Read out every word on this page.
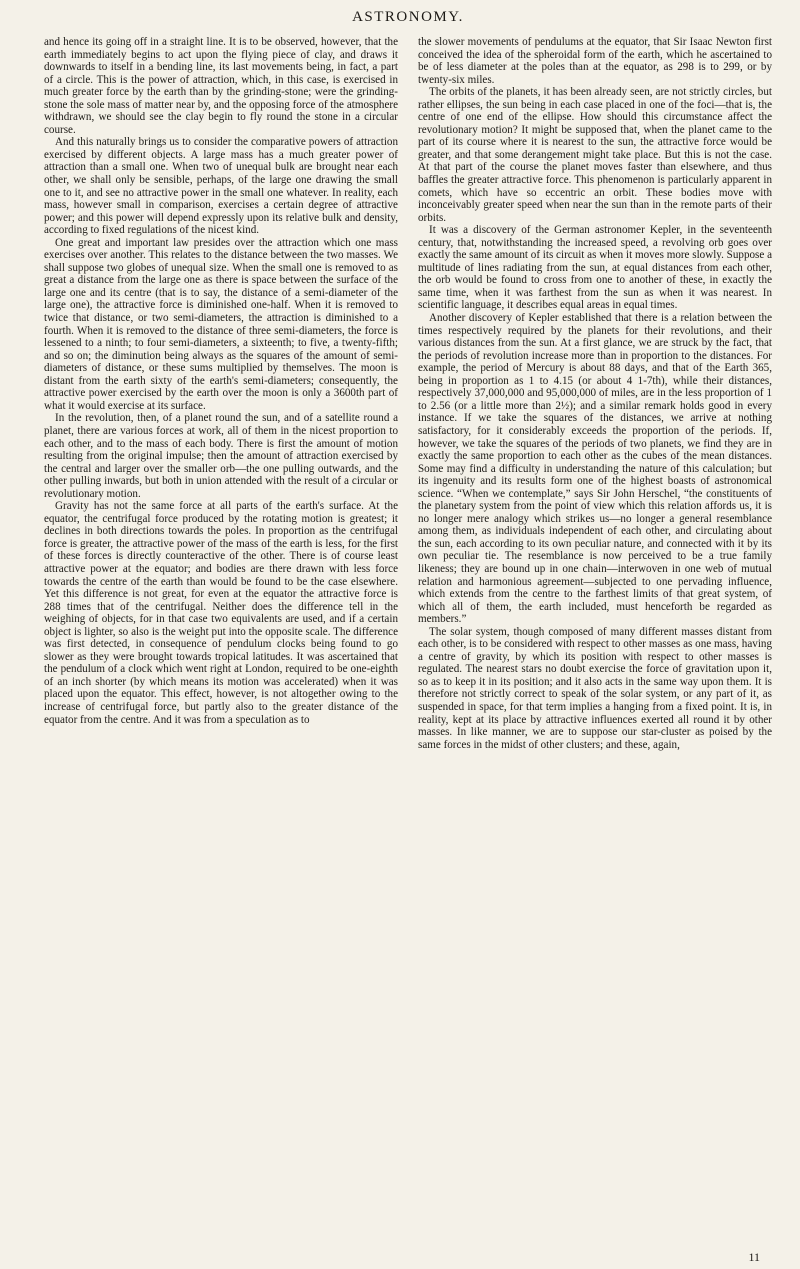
ASTRONOMY.

and hence its going off in a straight line. It is to be observed, however, that the earth immediately begins to act upon the flying piece of clay, and draws it downwards to itself in a bending line, its last movements being, in fact, a part of a circle. This is the power of attraction, which, in this case, is exercised in much greater force by the earth than by the grinding-stone; were the grinding-stone the sole mass of matter near by, and the opposing force of the atmosphere withdrawn, we should see the clay begin to fly round the stone in a circular course.

And this naturally brings us to consider the comparative powers of attraction exercised by different objects. A large mass has a much greater power of attraction than a small one. When two of unequal bulk are brought near each other, we shall only be sensible, perhaps, of the large one drawing the small one to it, and see no attractive power in the small one whatever. In reality, each mass, however small in comparison, exercises a certain degree of attractive power; and this power will depend expressly upon its relative bulk and density, according to fixed regulations of the nicest kind.

One great and important law presides over the attraction which one mass exercises over another. This relates to the distance between the two masses. We shall suppose two globes of unequal size. When the small one is removed to as great a distance from the large one as there is space between the surface of the large one and its centre (that is to say, the distance of a semi-diameter of the large one), the attractive force is diminished one-half. When it is removed to twice that distance, or two semi-diameters, the attraction is diminished to a fourth. When it is removed to the distance of three semi-diameters, the force is lessened to a ninth; to four semi-diameters, a sixteenth; to five, a twenty-fifth; and so on; the diminution being always as the squares of the amount of semi-diameters of distance, or these sums multiplied by themselves. The moon is distant from the earth sixty of the earth's semi-diameters; consequently, the attractive power exercised by the earth over the moon is only a 3600th part of what it would exercise at its surface.

In the revolution, then, of a planet round the sun, and of a satellite round a planet, there are various forces at work, all of them in the nicest proportion to each other, and to the mass of each body. There is first the amount of motion resulting from the original impulse; then the amount of attraction exercised by the central and larger over the smaller orb—the one pulling outwards, and the other pulling inwards, but both in union attended with the result of a circular or revolutionary motion.

Gravity has not the same force at all parts of the earth's surface. At the equator, the centrifugal force produced by the rotating motion is greatest; it declines in both directions towards the poles. In proportion as the centrifugal force is greater, the attractive power of the mass of the earth is less, for the first of these forces is directly counteractive of the other. There is of course least attractive power at the equator; and bodies are there drawn with less force towards the centre of the earth than would be found to be the case elsewhere. Yet this difference is not great, for even at the equator the attractive force is 288 times that of the centrifugal. Neither does the difference tell in the weighing of objects, for in that case two equivalents are used, and if a certain object is lighter, so also is the weight put into the opposite scale. The difference was first detected, in consequence of pendulum clocks being found to go slower as they were brought towards tropical latitudes. It was ascertained that the pendulum of a clock which went right at London, required to be one-eighth of an inch shorter (by which means its motion was accelerated) when it was placed upon the equator. This effect, however, is not altogether owing to the increase of centrifugal force, but partly also to the greater distance of the equator from the centre. And it was from a speculation as to

the slower movements of pendulums at the equator, that Sir Isaac Newton first conceived the idea of the spheroidal form of the earth, which he ascertained to be of less diameter at the poles than at the equator, as 298 is to 299, or by twenty-six miles.

The orbits of the planets, it has been already seen, are not strictly circles, but rather ellipses, the sun being in each case placed in one of the foci—that is, the centre of one end of the ellipse. How should this circumstance affect the revolutionary motion? It might be supposed that, when the planet came to the part of its course where it is nearest to the sun, the attractive force would be greater, and that some derangement might take place. But this is not the case. At that part of the course the planet moves faster than elsewhere, and thus baffles the greater attractive force. This phenomenon is particularly apparent in comets, which have so eccentric an orbit. These bodies move with inconceivably greater speed when near the sun than in the remote parts of their orbits.

It was a discovery of the German astronomer Kepler, in the seventeenth century, that, notwithstanding the increased speed, a revolving orb goes over exactly the same amount of its circuit as when it moves more slowly. Suppose a multitude of lines radiating from the sun, at equal distances from each other, the orb would be found to cross from one to another of these, in exactly the same time, when it was farthest from the sun as when it was nearest. In scientific language, it describes equal areas in equal times.

Another discovery of Kepler established that there is a relation between the times respectively required by the planets for their revolutions, and their various distances from the sun. At a first glance, we are struck by the fact, that the periods of revolution increase more than in proportion to the distances. For example, the period of Mercury is about 88 days, and that of the Earth 365, being in proportion as 1 to 4.15 (or about 4 1-7th), while their distances, respectively 37,000,000 and 95,000,000 of miles, are in the less proportion of 1 to 2.56 (or a little more than 2½); and a similar remark holds good in every instance. If we take the squares of the distances, we arrive at nothing satisfactory, for it considerably exceeds the proportion of the periods. If, however, we take the squares of the periods of two planets, we find they are in exactly the same proportion to each other as the cubes of the mean distances. Some may find a difficulty in understanding the nature of this calculation; but its ingenuity and its results form one of the highest boasts of astronomical science. “When we contemplate,” says Sir John Herschel, “the constituents of the planetary system from the point of view which this relation affords us, it is no longer mere analogy which strikes us—no longer a general resemblance among them, as individuals independent of each other, and circulating about the sun, each according to its own peculiar nature, and connected with it by its own peculiar tie. The resemblance is now perceived to be a true family likeness; they are bound up in one chain—interwoven in one web of mutual relation and harmonious agreement—subjected to one pervading influence, which extends from the centre to the farthest limits of that great system, of which all of them, the earth included, must henceforth be regarded as members.”

The solar system, though composed of many different masses distant from each other, is to be considered with respect to other masses as one mass, having a centre of gravity, by which its position with respect to other masses is regulated. The nearest stars no doubt exercise the force of gravitation upon it, so as to keep it in its position; and it also acts in the same way upon them. It is therefore not strictly correct to speak of the solar system, or any part of it, as suspended in space, for that term implies a hanging from a fixed point. It is, in reality, kept at its place by attractive influences exerted all round it by other masses. In like manner, we are to suppose our star-cluster as poised by the same forces in the midst of other clusters; and these, again,

11
